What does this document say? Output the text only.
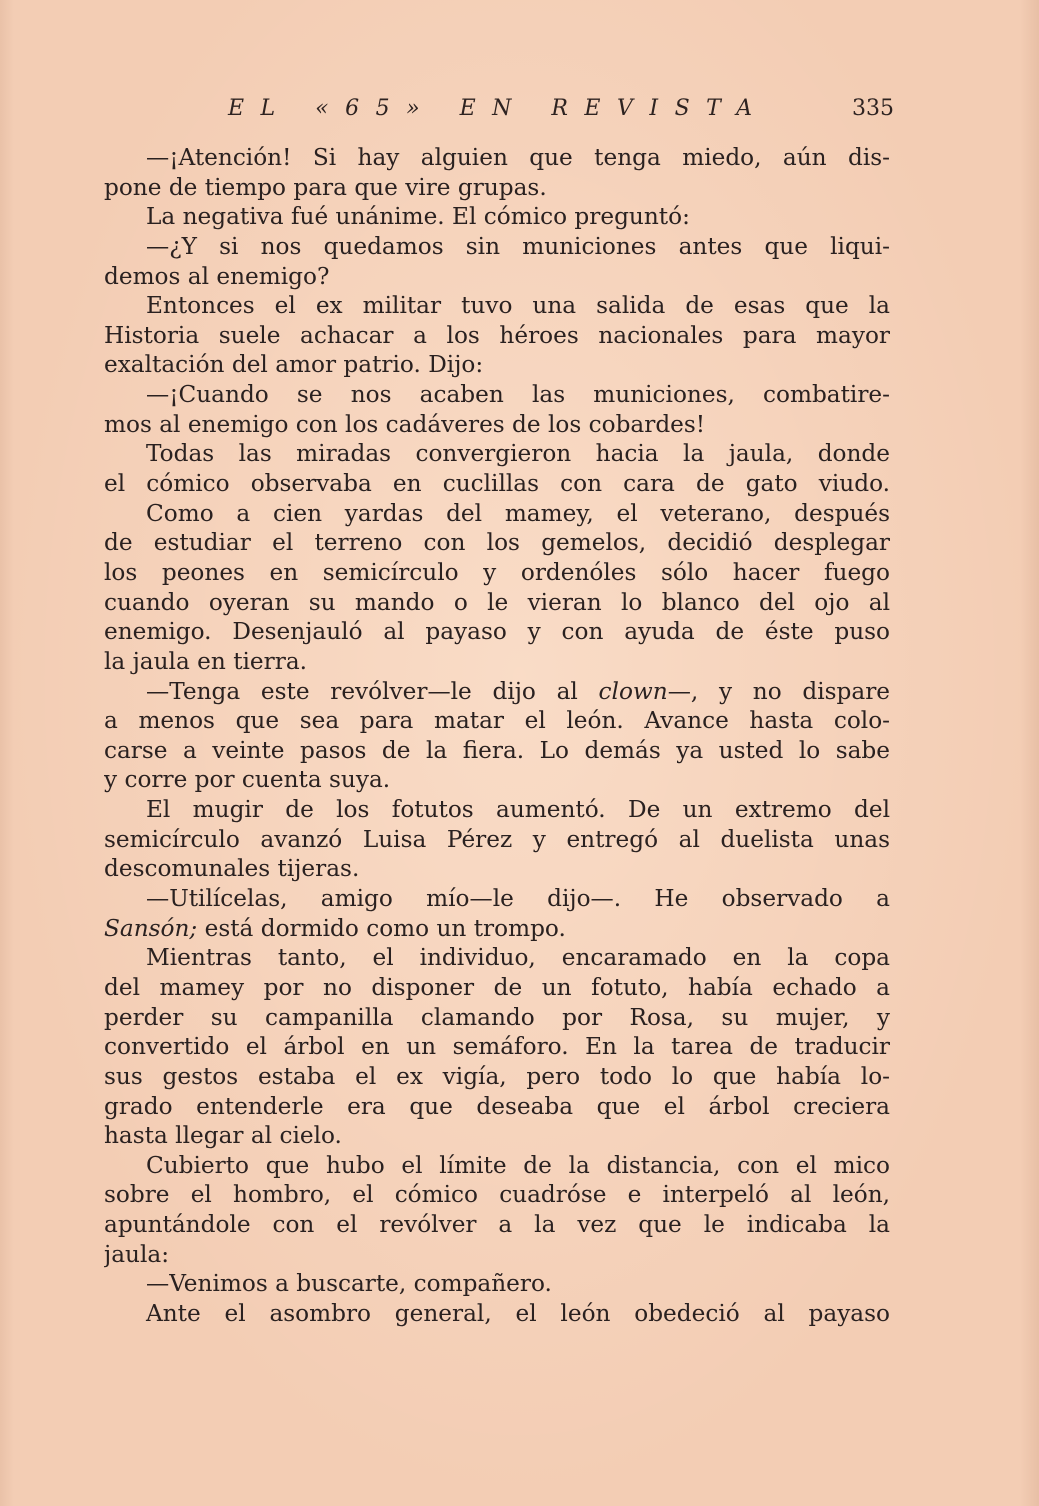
EL «65» EN REVISTA	335
—¡Atención! Si hay alguien que tenga miedo, aún dis-
pone de tiempo para que vire grupas.
La negativa fué unánime. El cómico preguntó:
—¿Y si nos quedamos sin municiones antes que liqui-
demos al enemigo?
Entonces el ex militar tuvo una salida de esas que la
Historia suele achacar a los héroes nacionales para mayor
exaltación del amor patrio. Dijo:
—¡Cuando se nos acaben las municiones, combatire-
mos al enemigo con los cadáveres de los cobardes!
Todas las miradas convergieron hacia la jaula, donde
el cómico observaba en cuclillas con cara de gato viudo.
Como a cien yardas del mamey, el veterano, después
de estudiar el terreno con los gemelos, decidió desplegar
los peones en semicírculo y ordenóles sólo hacer fuego
cuando oyeran su mando o le vieran lo blanco del ojo al
enemigo. Desenjauló al payaso y con ayuda de éste puso
la jaula en tierra.
—Tenga este revólver—le dijo al clown—, y no dispare
a menos que sea para matar el león. Avance hasta colo-
carse a veinte pasos de la fiera. Lo demás ya usted lo sabe
y corre por cuenta suya.
El mugir de los fotutos aumentó. De un extremo del
semicírculo avanzó Luisa Pérez y entregó al duelista unas
descomunales tijeras.
—Utilícelas, amigo mío—le dijo—. He observado a
Sansón; está dormido como un trompo.
Mientras tanto, el individuo, encaramado en la copa
del mamey por no disponer de un fotuto, había echado a
perder su campanilla clamando por Rosa, su mujer, y
convertido el árbol en un semáforo. En la tarea de traducir
sus gestos estaba el ex vigía, pero todo lo que había lo-
grado entenderle era que deseaba que el árbol creciera
hasta llegar al cielo.
Cubierto que hubo el límite de la distancia, con el mico
sobre el hombro, el cómico cuadróse e interpeló al león,
apuntándole con el revólver a la vez que le indicaba la
jaula:
—Venimos a buscarte, compañero.
Ante el asombro general, el león obedeció al payaso
